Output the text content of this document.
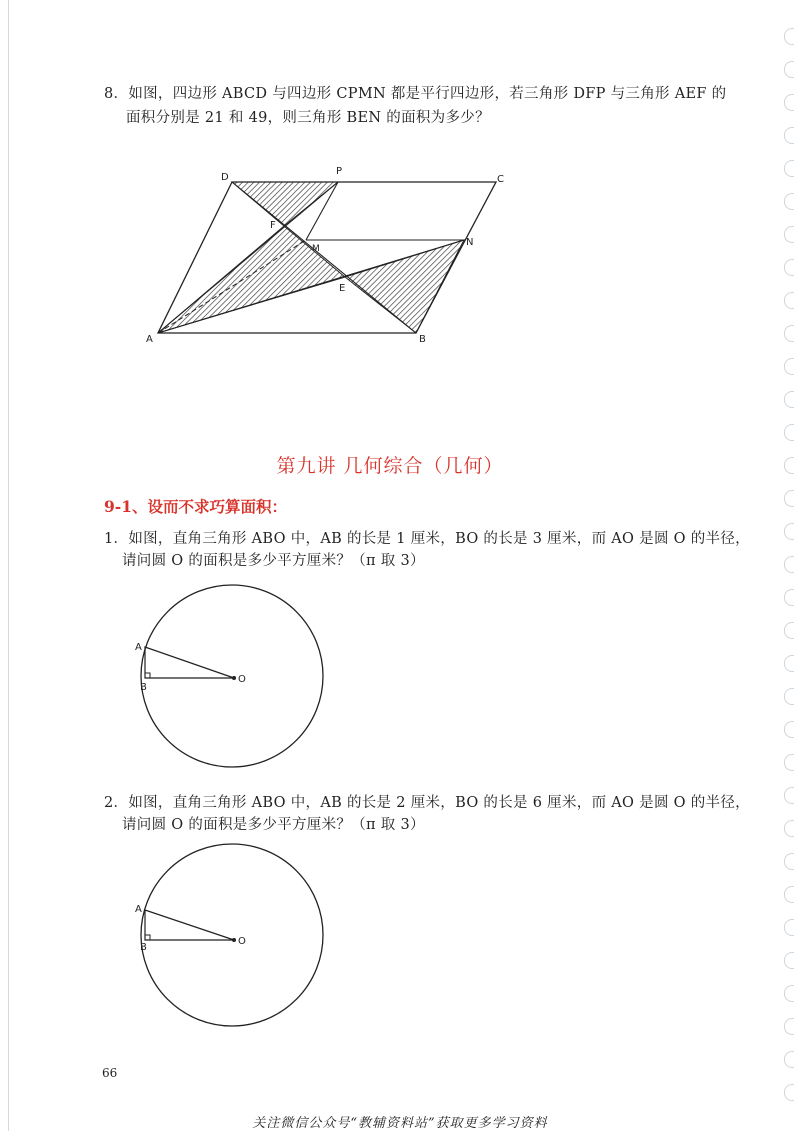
8．如图，四边形 ABCD 与四边形 CPMN 都是平行四边形，若三角形 DFP 与三角形 AEF 的
面积分别是 21 和 49，则三角形 BEN 的面积为多少？
D
P
C
F
M
N
E
A	B
A
B
O
A
B
O
第九讲 几何综合（几何）
9-1、设而不求巧算面积：
1．如图，直角三角形 ABO 中，AB 的长是 1 厘米，BO 的长是 3 厘米，而 AO 是圆 O 的半径，
请问圆 O 的面积是多少平方厘米？（π 取 3）
2．如图，直角三角形 ABO 中，AB 的长是 2 厘米，BO 的长是 6 厘米，而 AO 是圆 O 的半径，
请问圆 O 的面积是多少平方厘米？（π 取 3）
66
关注微信公众号“教辅资料站”获取更多学习资料
